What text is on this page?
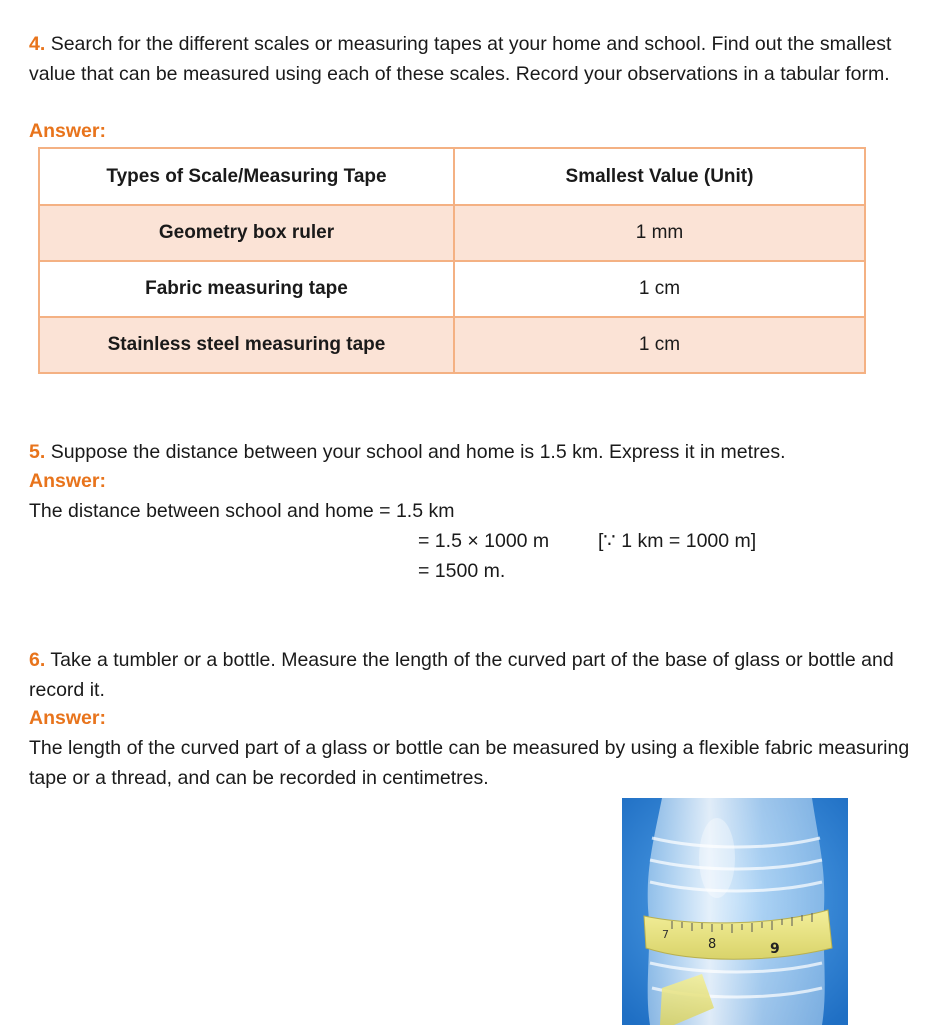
4. Search for the different scales or measuring tapes at your home and school. Find out the smallest value that can be measured using each of these scales. Record your observations in a tabular form.
Answer:
Types of Scale/Measuring Tape	Smallest Value (Unit)
Geometry box ruler	1 mm
Fabric measuring tape	1 cm
Stainless steel measuring tape	1 cm
5. Suppose the distance between your school and home is 1.5 km. Express it in metres.
Answer:
The distance between school and home = 1.5 km
= 1.5 × 1000 m	[∵ 1 km = 1000 m]
= 1500 m.
6. Take a tumbler or a bottle. Measure the length of the curved part of the base of glass or bottle and record it.
Answer:
The length of the curved part of a glass or bottle can be measured by using a flexible fabric measuring tape or a thread, and can be recorded in centimetres.
7
8	9
